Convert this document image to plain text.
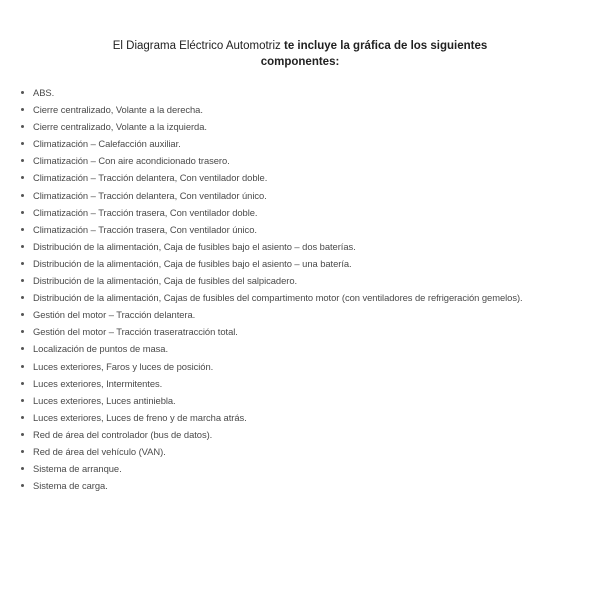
El Diagrama Eléctrico Automotriz te incluye la gráfica de los siguientes
componentes:
ABS.
Cierre centralizado, Volante a la derecha.
Cierre centralizado, Volante a la izquierda.
Climatización – Calefacción auxiliar.
Climatización – Con aire acondicionado trasero.
Climatización – Tracción delantera, Con ventilador doble.
Climatización – Tracción delantera, Con ventilador único.
Climatización – Tracción trasera, Con ventilador doble.
Climatización – Tracción trasera, Con ventilador único.
Distribución de la alimentación, Caja de fusibles bajo el asiento – dos baterías.
Distribución de la alimentación, Caja de fusibles bajo el asiento – una batería.
Distribución de la alimentación, Caja de fusibles del salpicadero.
Distribución de la alimentación, Cajas de fusibles del compartimento motor (con ventiladores de refrigeración gemelos).
Gestión del motor – Tracción delantera.
Gestión del motor – Tracción traseratracción total.
Localización de puntos de masa.
Luces exteriores, Faros y luces de posición.
Luces exteriores, Intermitentes.
Luces exteriores, Luces antiniebla.
Luces exteriores, Luces de freno y de marcha atrás.
Red de área del controlador (bus de datos).
Red de área del vehículo (VAN).
Sistema de arranque.
Sistema de carga.
